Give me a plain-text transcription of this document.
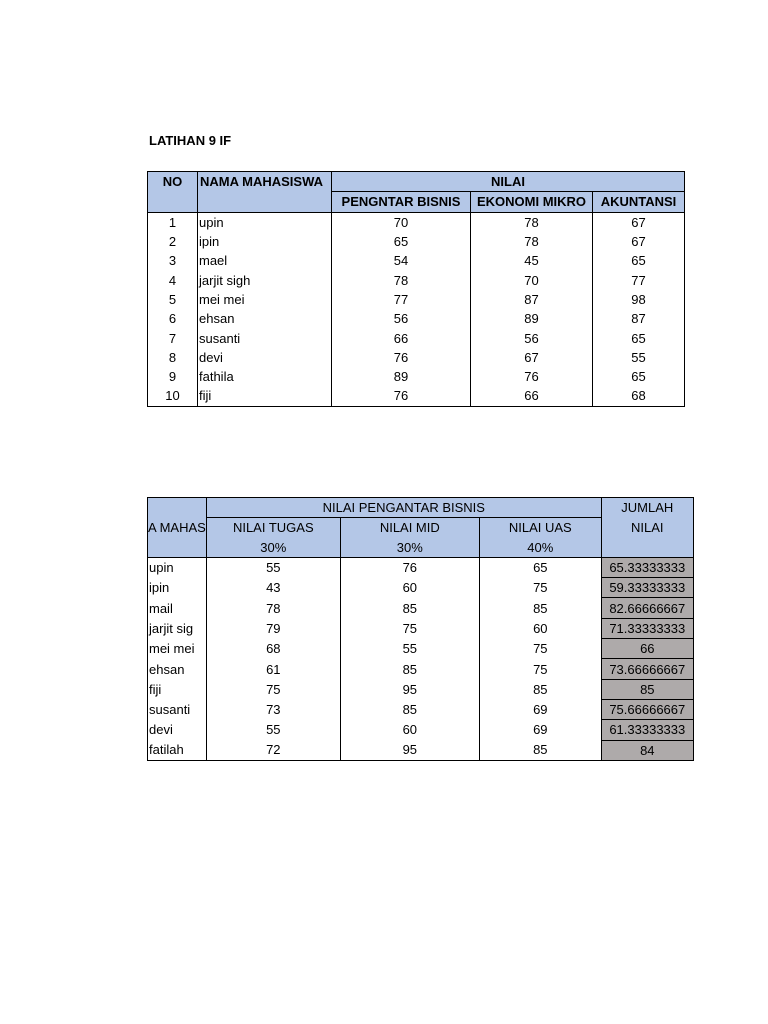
LATIHAN 9 IF
NO	NAMA MAHASISWA	NILAI		
		PENGNTAR BISNIS	EKONOMI MIKRO	AKUNTANSI
1	upin	70	78	67
2	ipin	65	78	67
3	mael	54	45	65
4	jarjit sigh	78	70	77
5	mei mei	77	87	98
6	ehsan	56	89	87
7	susanti	66	56	65
8	devi	76	67	55
9	fathila	89	76	65
10	fiji	76	66	68
	NILAI PENGANTAR BISNIS			JUMLAH
A MAHAS	NILAI TUGAS	NILAI MID	NILAI UAS	NILAI
	30%	30%	40%	
upin	55	76	65	65.33333333
ipin	43	60	75	59.33333333
mail	78	85	85	82.66666667
jarjit sig	79	75	60	71.33333333
mei mei	68	55	75	66
ehsan	61	85	75	73.66666667
fiji	75	95	85	85
susanti	73	85	69	75.66666667
devi	55	60	69	61.33333333
fatilah	72	95	85	84
